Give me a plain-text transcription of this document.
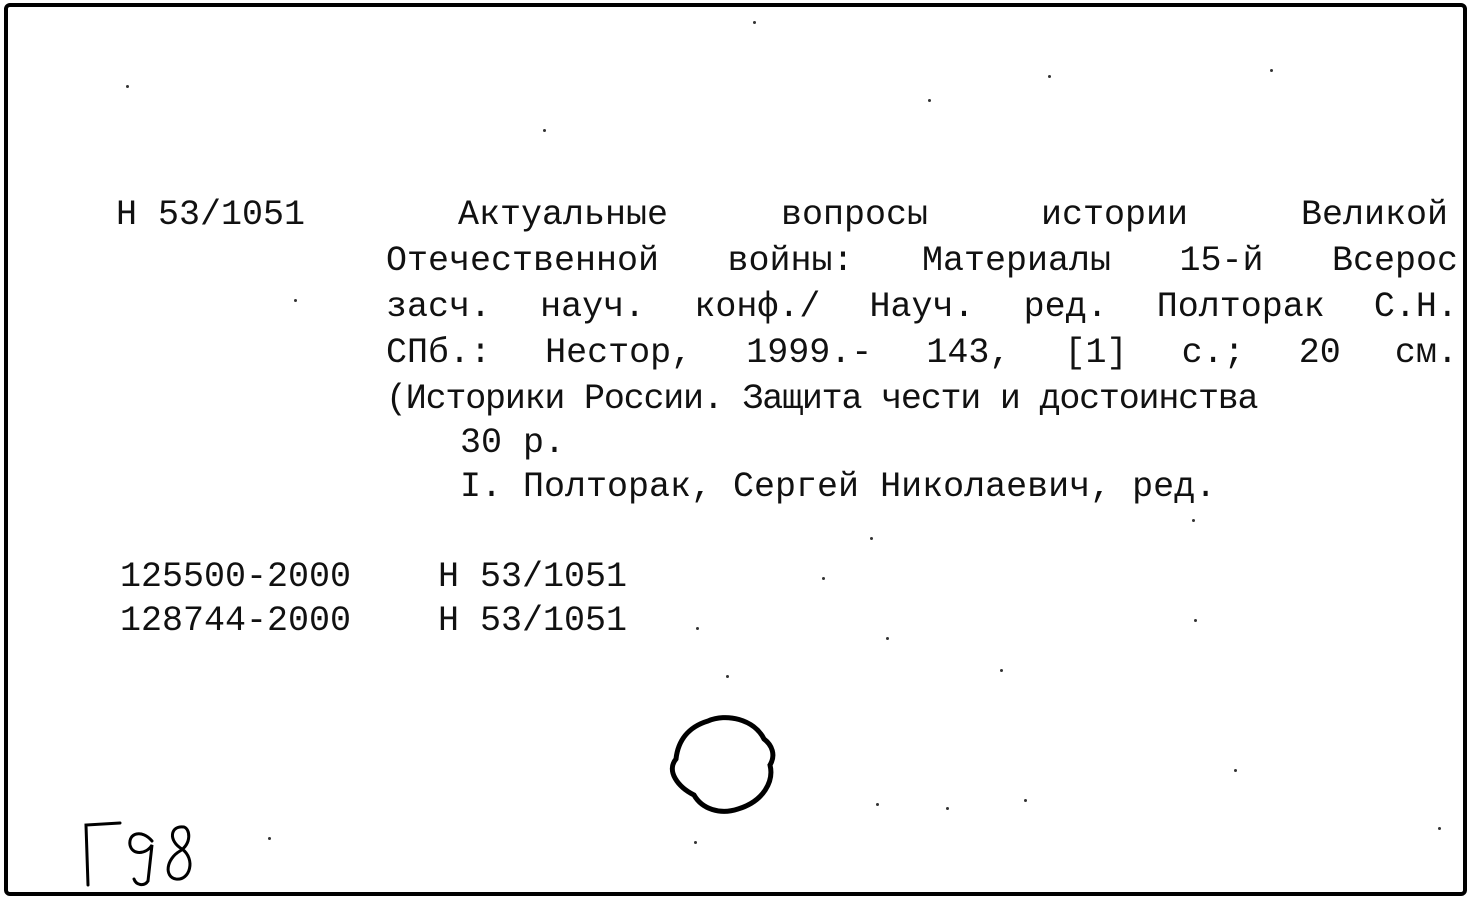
Н 53/1051	Актуальные	вопросы	истории	Великой
Отечественной войны: Материалы 15-й Всерос
засч. науч. конф./ Науч. ред. Полторак С.Н.
СПб.: Нестор, 1999.- 143, [1] с.; 20 см.
(Историки России. Защита чести и достоинства
30 р.
I. Полторак, Сергей Николаевич, ред.
125500-2000 Н 53/1051
128744-2000 Н 53/1051
